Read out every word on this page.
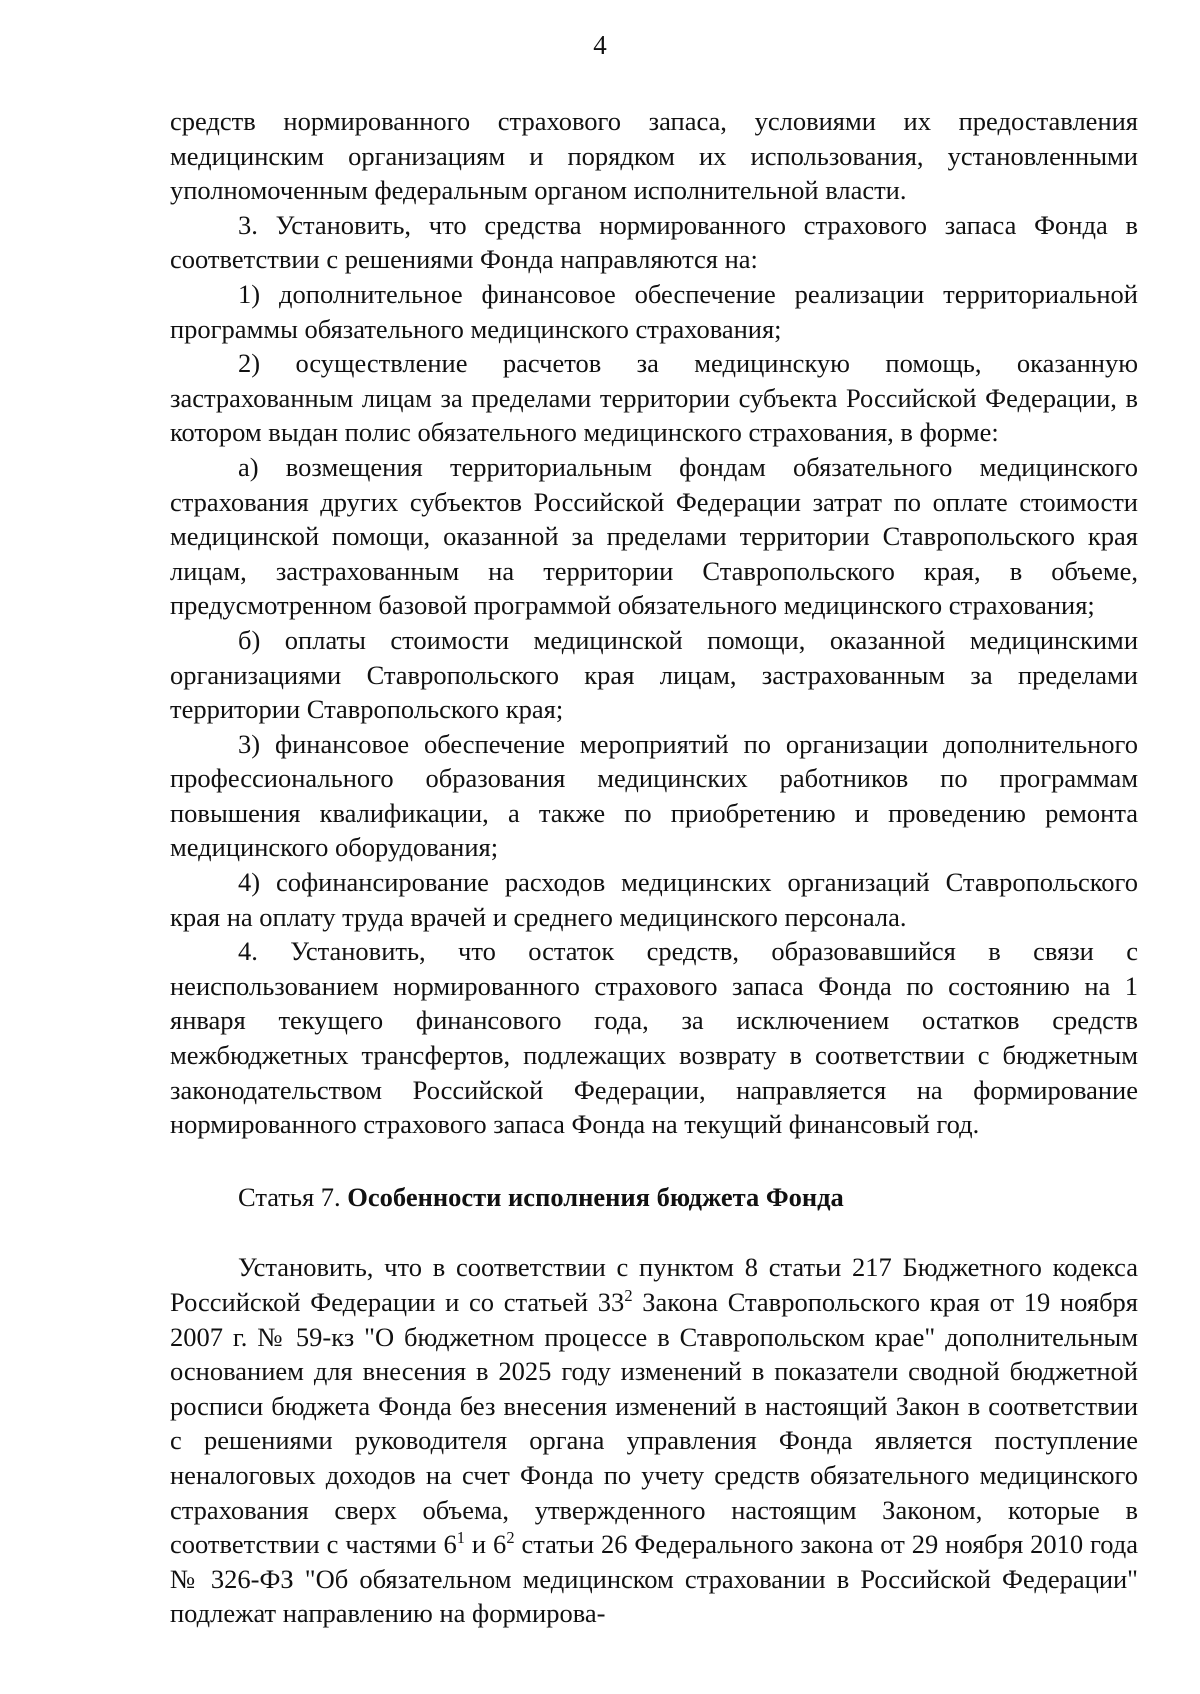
4

средств нормированного страхового запаса, условиями их предоставления медицинским организациям и порядком их использования, установленными уполномоченным федеральным органом исполнительной власти.

3. Установить, что средства нормированного страхового запаса Фонда в соответствии с решениями Фонда направляются на:

1) дополнительное финансовое обеспечение реализации территориальной программы обязательного медицинского страхования;

2) осуществление расчетов за медицинскую помощь, оказанную застрахованным лицам за пределами территории субъекта Российской Федерации, в котором выдан полис обязательного медицинского страхования, в форме:

а) возмещения территориальным фондам обязательного медицинского страхования других субъектов Российской Федерации затрат по оплате стоимости медицинской помощи, оказанной за пределами территории Ставропольского края лицам, застрахованным на территории Ставропольского края, в объеме, предусмотренном базовой программой обязательного медицинского страхования;

б) оплаты стоимости медицинской помощи, оказанной медицинскими организациями Ставропольского края лицам, застрахованным за пределами территории Ставропольского края;

3) финансовое обеспечение мероприятий по организации дополнительного профессионального образования медицинских работников по программам повышения квалификации, а также по приобретению и проведению ремонта медицинского оборудования;

4) софинансирование расходов медицинских организаций Ставропольского края на оплату труда врачей и среднего медицинского персонала.

4. Установить, что остаток средств, образовавшийся в связи с неиспользованием нормированного страхового запаса Фонда по состоянию на 1 января текущего финансового года, за исключением остатков средств межбюджетных трансфертов, подлежащих возврату в соответствии с бюджетным законодательством Российской Федерации, направляется на формирование нормированного страхового запаса Фонда на текущий финансовый год.

Статья 7. Особенности исполнения бюджета Фонда

Установить, что в соответствии с пунктом 8 статьи 217 Бюджетного кодекса Российской Федерации и со статьей $33^2$ Закона Ставропольского края от 19 ноября 2007 г. № 59-кз "О бюджетном процессе в Ставропольском крае" дополнительным основанием для внесения в 2025 году изменений в показатели сводной бюджетной росписи бюджета Фонда без внесения изменений в настоящий Закон в соответствии с решениями руководителя органа управления Фонда является поступление неналоговых доходов на счет Фонда по учету средств обязательного медицинского страхования сверх объема, утвержденного настоящим Законом, которые в соответствии с частями $6^1$ и $6^2$ статьи 26 Федерального закона от 29 ноября 2010 года № 326-ФЗ "Об обязательном медицинском страховании в Российской Федерации" подлежат направлению на формирова-
